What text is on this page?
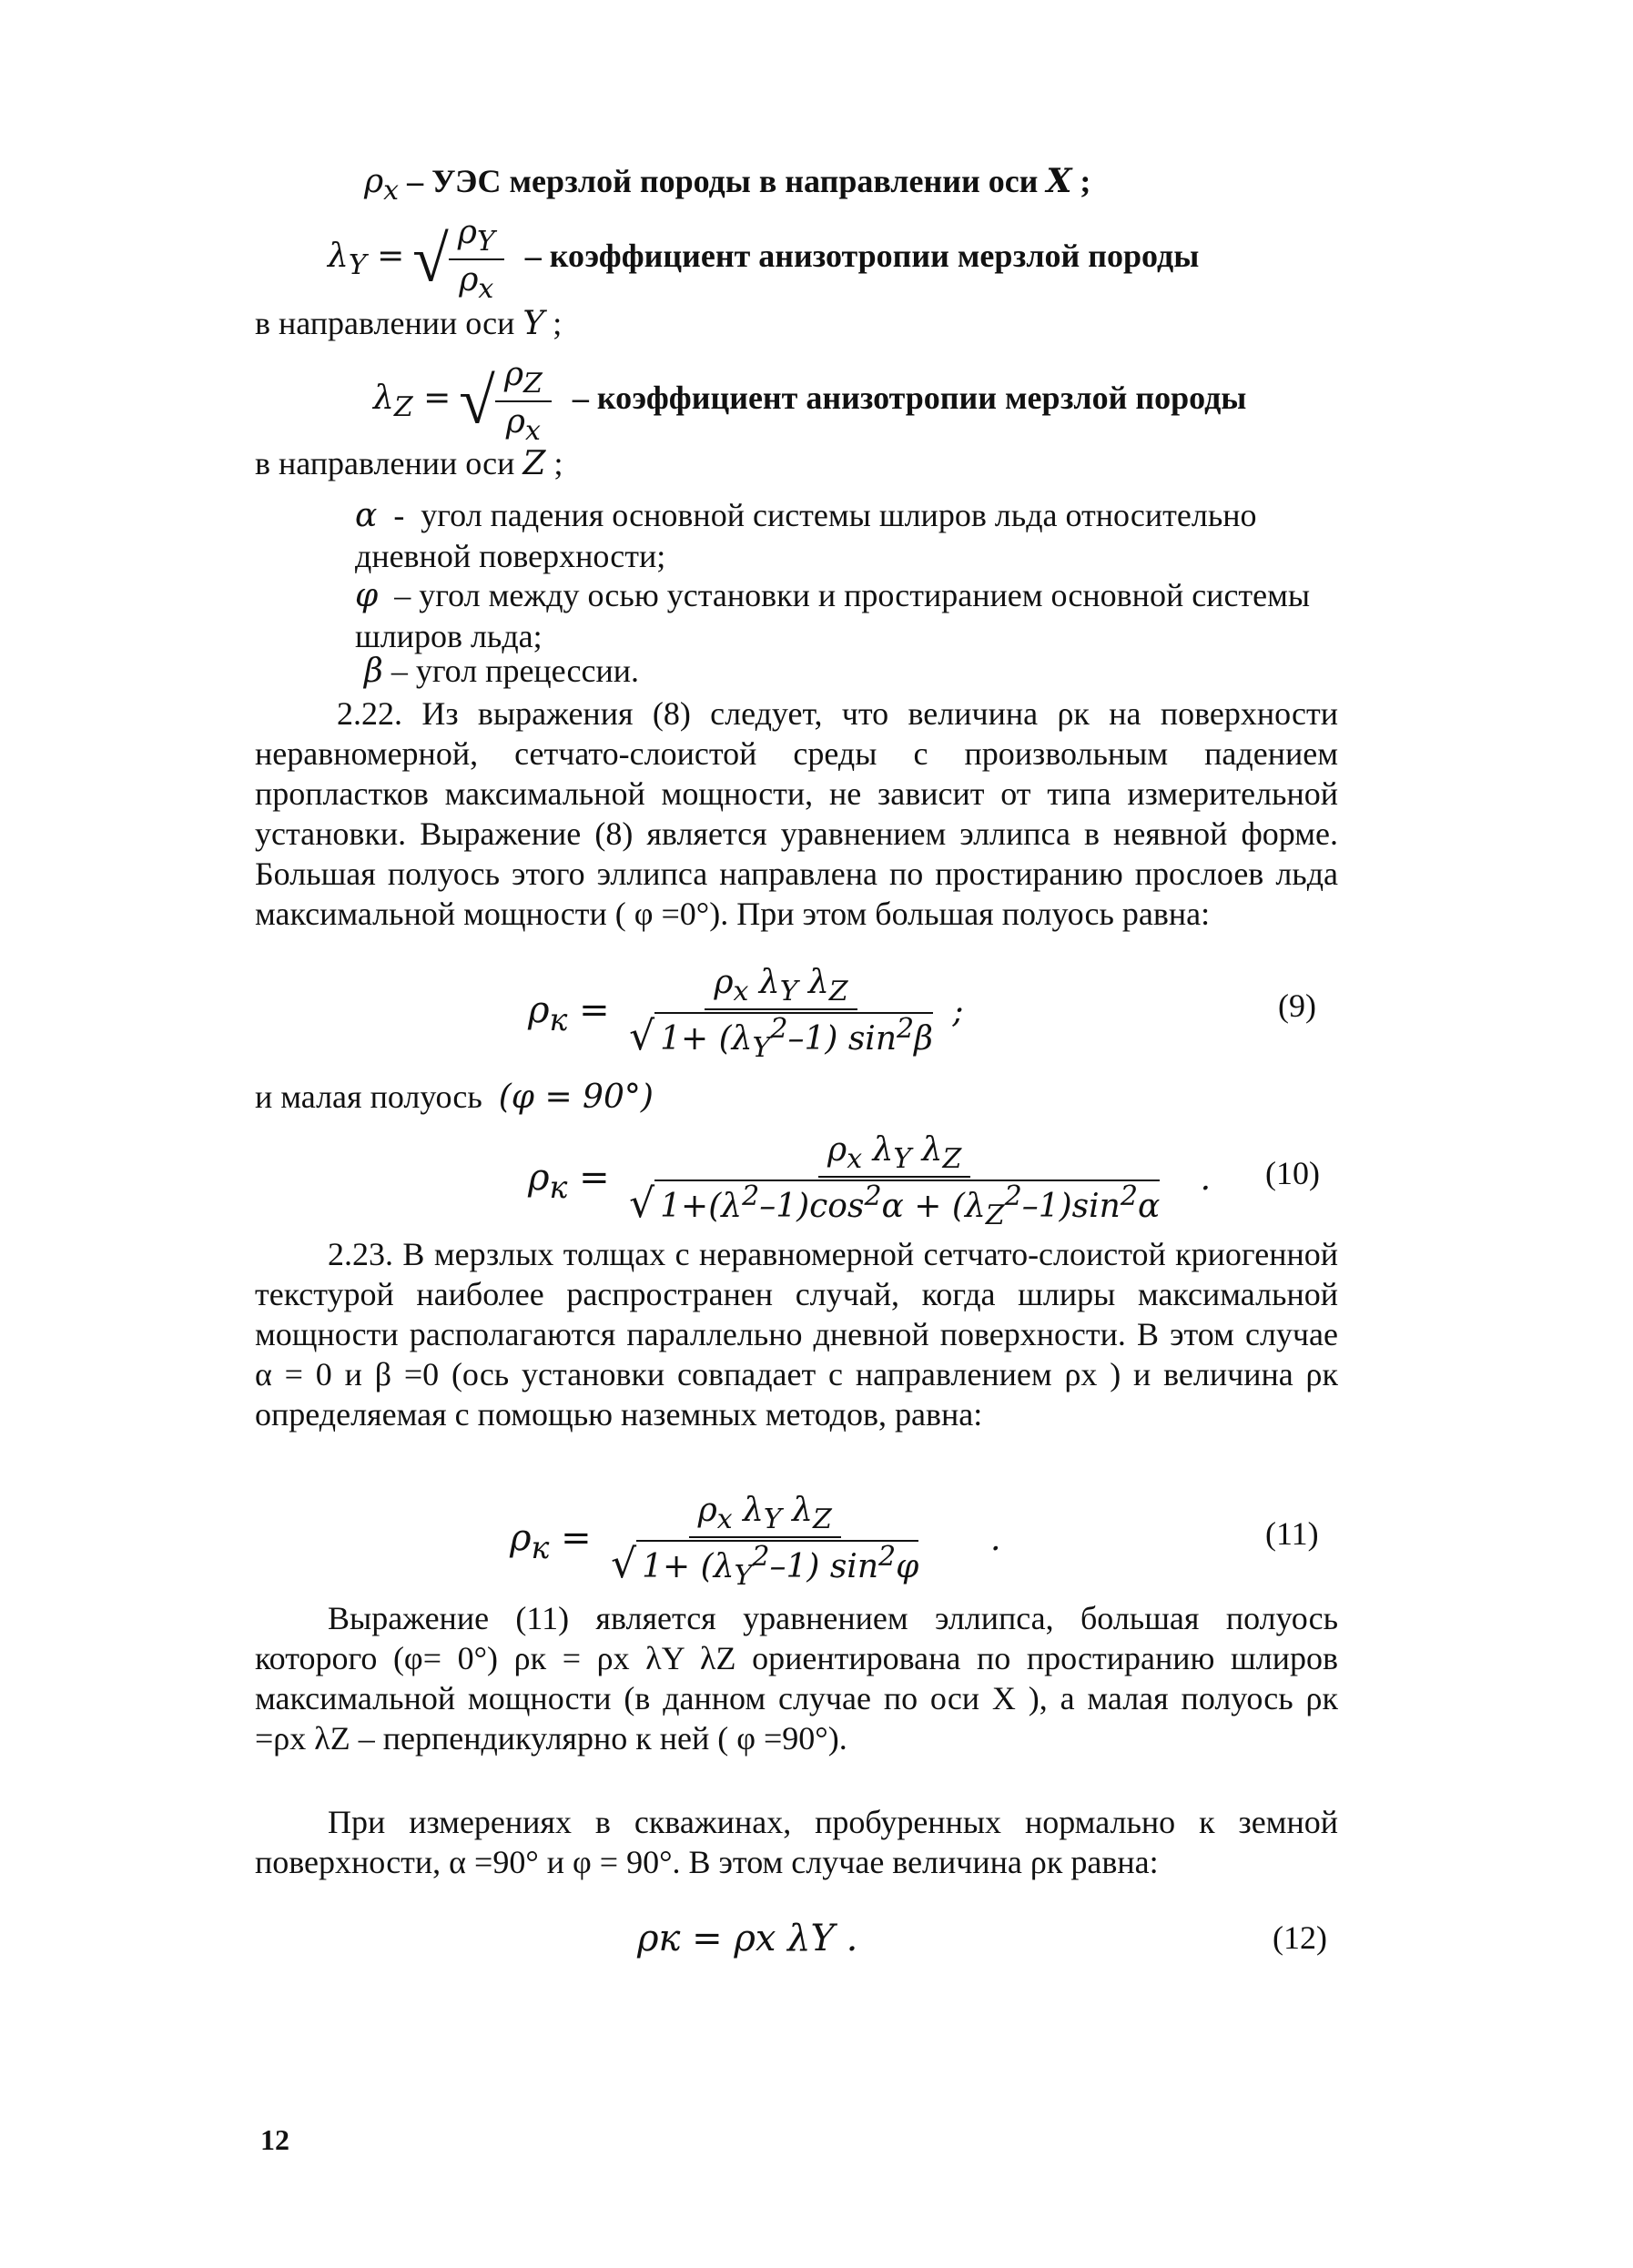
$\rho_x$ – УЭС мерзлой породы в направлении оси X ;
$\lambda_Y$ = √ $\frac{\rho_Y}{\rho_x}$ – коэффициент анизотропии мерзлой породы
в направлении оси Y ;
$\lambda_Z$ = √ $\frac{\rho_Z}{\rho_x}$ – коэффициент анизотропии мерзлой породы
в направлении оси Z ;
α  -  угол падения основной системы шлиров льда относительно дневной поверхности;
φ  – угол между осью установки и простиранием основной системы шлиров льда;
β – угол прецессии.
2.22. Из выражения (8) следует, что величина ρк на поверхности неравномерной, сетчато-слоистой среды с произвольным падением пропластков максимальной мощности, не зависит от типа измерительной установки. Выражение (8) является уравнением эллипса в неявной форме. Большая полуось этого эллипса направлена по простиранию прослоев льда максимальной мощности ( φ =0°). При этом большая полуось равна:
$\rho_к = \frac{\rho_x \lambda_Y \lambda_Z}{√ 1+ (\lambda_Y^2-1) \sin^2\beta}$ ;	(9)
и малая полуось  (φ = 90°)
$\rho_к = \frac{\rho_x \lambda_Y \lambda_Z}{√ 1+(\lambda^2-1)\cos^2\alpha + (\lambda_Z^2-1)\sin^2\alpha}$ . (10)
2.23. В мерзлых толщах с неравномерной сетчато-слоистой криогенной текстурой наиболее распространен случай, когда шлиры максимальной мощности располагаются параллельно дневной поверхности. В этом случае α = 0 и β =0 (ось установки совпадает с направлением ρx ) и величина ρк определяемая с помощью наземных методов, равна:
$\rho_к = \frac{\rho_x \lambda_Y \lambda_Z}{√ 1+ (\lambda_Y^2-1) \sin^2\varphi}$ .	(11)
Выражение (11) является уравнением эллипса, большая полуось которого (φ= 0°) ρк = ρx λY λZ ориентирована по простиранию шлиров максимальной мощности (в данном случае по оси X ), а малая полуось ρк =ρx λZ – перпендикулярно к ней ( φ =90°).
При измерениях в скважинах, пробуренных нормально к земной поверхности, α =90° и φ = 90°. В этом случае величина ρк равна:
ρк = ρx λY .	(12)
12
